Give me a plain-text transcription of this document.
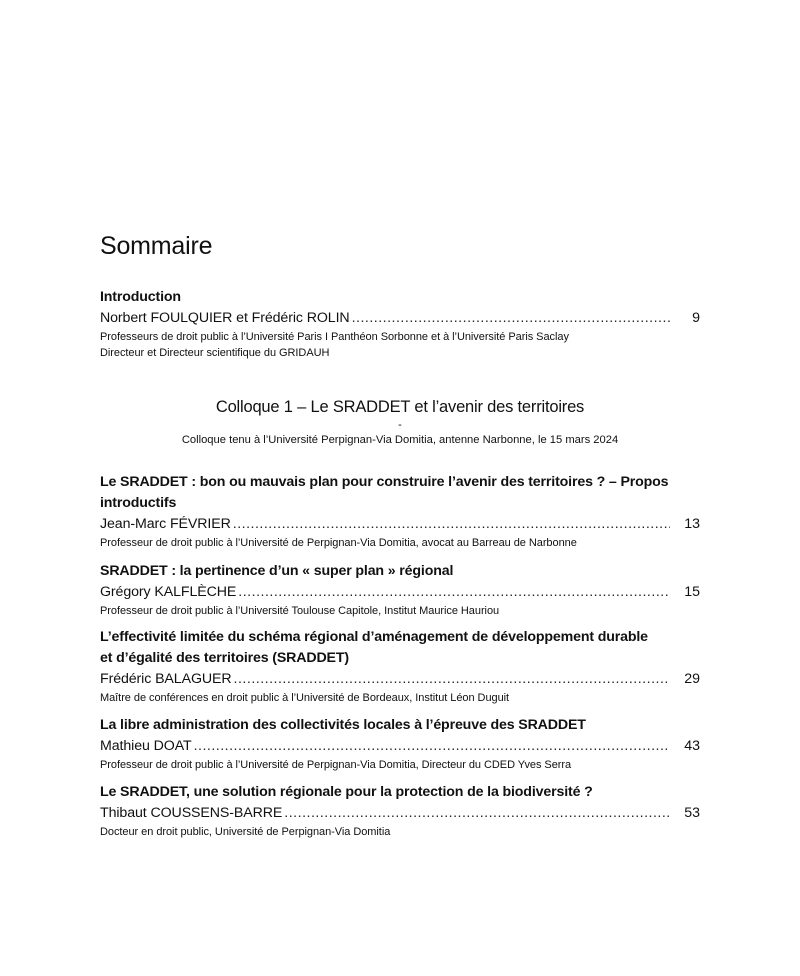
Sommaire

Introduction

Norbert FOULQUIER et Frédéric ROLIN .....	9

Professeurs de droit public à l’Université Paris I Panthéon Sorbonne et à l’Université Paris Saclay

Directeur et Directeur scientifique du GRIDAUH

Colloque 1 – Le SRADDET et l’avenir des territoires

-

Colloque tenu à l’Université Perpignan-Via Domitia, antenne Narbonne, le 15 mars 2024

Le SRADDET : bon ou mauvais plan pour construire l’avenir des territoires ? – Propos

introductifs

Jean-Marc FÉVRIER .....	13

Professeur de droit public à l’Université de Perpignan-Via Domitia, avocat au Barreau de Narbonne

SRADDET : la pertinence d’un « super plan » régional

Grégory KALFLÈCHE .....	15

Professeur de droit public à l’Université Toulouse Capitole, Institut Maurice Hauriou

L’effectivité limitée du schéma régional d’aménagement de développement durable

et d’égalité des territoires (SRADDET)

Frédéric BALAGUER .....	29

Maître de conférences en droit public à l’Université de Bordeaux, Institut Léon Duguit

La libre administration des collectivités locales à l’épreuve des SRADDET

Mathieu DOAT .....	43

Professeur de droit public à l’Université de Perpignan-Via Domitia, Directeur du CDED Yves Serra

Le SRADDET, une solution régionale pour la protection de la biodiversité ?

Thibaut COUSSENS-BARRE .....	53

Docteur en droit public, Université de Perpignan-Via Domitia
